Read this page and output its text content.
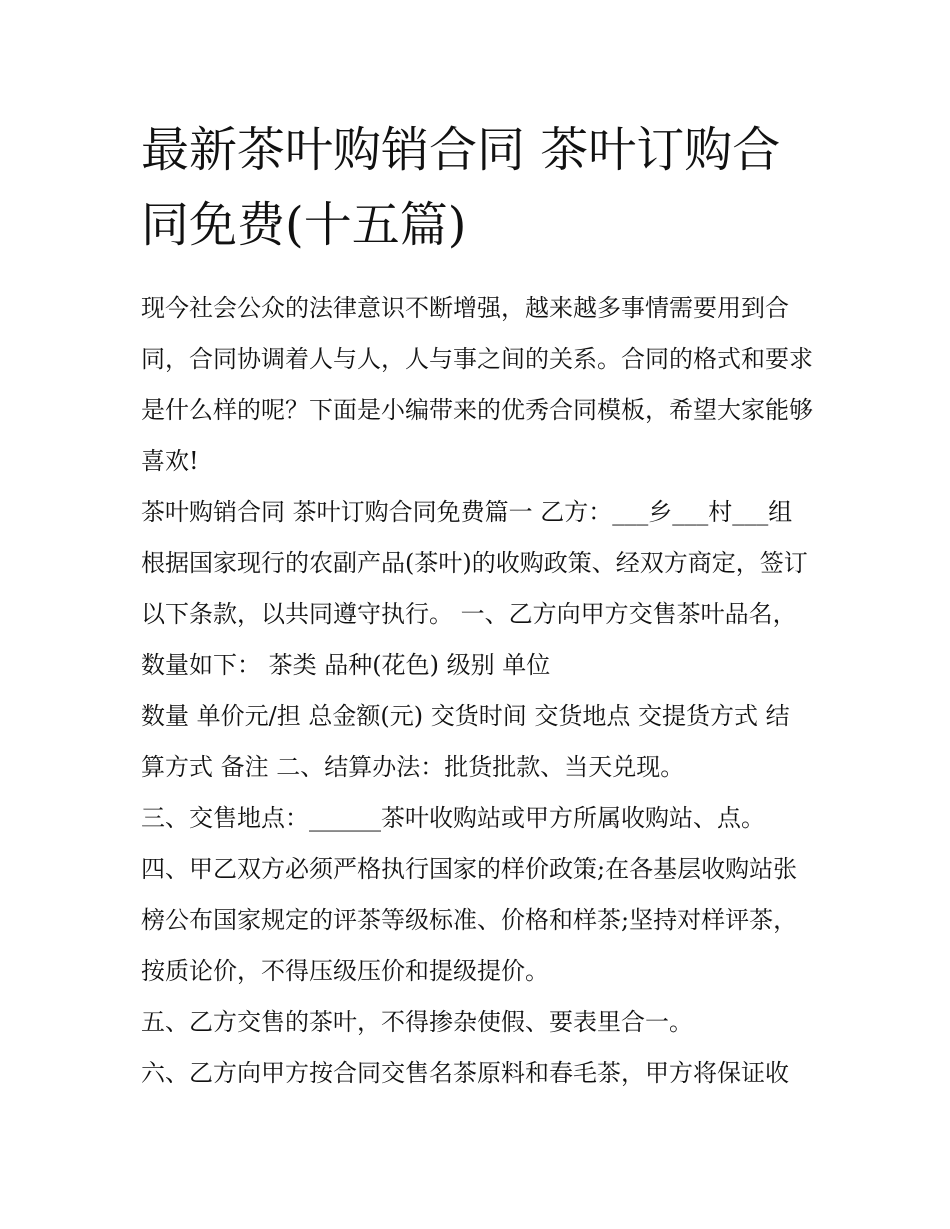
最新茶叶购销合同 茶叶订购合同免费(十五篇)

现今社会公众的法律意识不断增强，越来越多事情需要用到合同，合同协调着人与人，人与事之间的关系。合同的格式和要求是什么样的呢？下面是小编带来的优秀合同模板，希望大家能够喜欢!

茶叶购销合同 茶叶订购合同免费篇一 乙方：___乡___村___组 根据国家现行的农副产品(茶叶)的收购政策、经双方商定，签订以下条款，以共同遵守执行。 一、乙方向甲方交售茶叶品名，数量如下： 茶类 品种(花色) 级别 单位

数量 单价元/担 总金额(元) 交货时间 交货地点 交提货方式 结算方式 备注 二、结算办法：批货批款、当天兑现。

三、交售地点：______茶叶收购站或甲方所属收购站、点。

四、甲乙双方必须严格执行国家的样价政策;在各基层收购站张榜公布国家规定的评茶等级标准、价格和样茶;坚持对样评茶，按质论价，不得压级压价和提级提价。

五、乙方交售的茶叶，不得掺杂使假、要表里合一。

六、乙方向甲方按合同交售名茶原料和春毛茶，甲方将保证收
